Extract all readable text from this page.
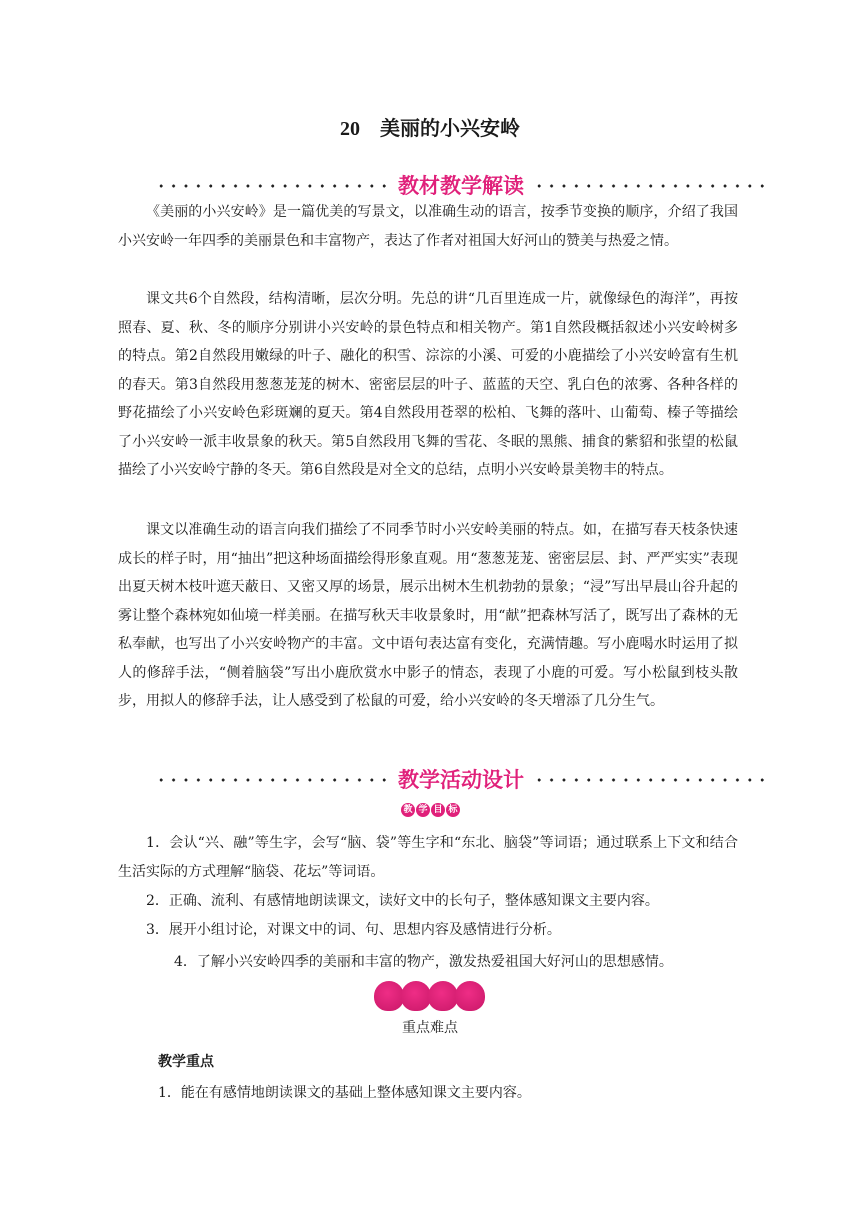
20 美丽的小兴安岭
教材教学解读

《美丽的小兴安岭》是一篇优美的写景文，以准确生动的语言，按季节变换的顺序，介绍了我国小兴安岭一年四季的美丽景色和丰富物产，表达了作者对祖国大好河山的赞美与热爱之情。

课文共6个自然段，结构清晰，层次分明。先总的讲“几百里连成一片，就像绿色的海洋”，再按照春、夏、秋、冬的顺序分别讲小兴安岭的景色特点和相关物产。第1自然段概括叙述小兴安岭树多的特点。第2自然段用嫩绿的叶子、融化的积雪、淙淙的小溪、可爱的小鹿描绘了小兴安岭富有生机的春天。第3自然段用葱葱茏茏的树木、密密层层的叶子、蓝蓝的天空、乳白色的浓雾、各种各样的野花描绘了小兴安岭色彩斑斓的夏天。第4自然段用苍翠的松柏、飞舞的落叶、山葡萄、榛子等描绘了小兴安岭一派丰收景象的秋天。第5自然段用飞舞的雪花、冬眠的黑熊、捕食的紫貂和张望的松鼠描绘了小兴安岭宁静的冬天。第6自然段是对全文的总结，点明小兴安岭景美物丰的特点。

课文以准确生动的语言向我们描绘了不同季节时小兴安岭美丽的特点。如，在描写春天枝条快速成长的样子时，用“抽出”把这种场面描绘得形象直观。用“葱葱茏茏、密密层层、封、严严实实”表现出夏天树木枝叶遮天蔽日、又密又厚的场景，展示出树木生机勃勃的景象；“浸”写出早晨山谷升起的雾让整个森林宛如仙境一样美丽。在描写秋天丰收景象时，用“献”把森林写活了，既写出了森林的无私奉献，也写出了小兴安岭物产的丰富。文中语句表达富有变化，充满情趣。写小鹿喝水时运用了拟人的修辞手法，“侧着脑袋”写出小鹿欣赏水中影子的情态，表现了小鹿的可爱。写小松鼠到枝头散步，用拟人的修辞手法，让人感受到了松鼠的可爱，给小兴安岭的冬天增添了几分生气。

教学活动设计
教 学 目 标

1．会认“兴、融”等生字，会写“脑、袋”等生字和“东北、脑袋”等词语；通过联系上下文和结合生活实际的方式理解“脑袋、花坛”等词语。

2．正确、流利、有感情地朗读课文，读好文中的长句子，整体感知课文主要内容。

3．展开小组讨论，对课文中的词、句、思想内容及感情进行分析。

4．了解小兴安岭四季的美丽和丰富的物产，激发热爱祖国大好河山的思想感情。

重点难点
教学重点

1．能在有感情地朗读课文的基础上整体感知课文主要内容。
